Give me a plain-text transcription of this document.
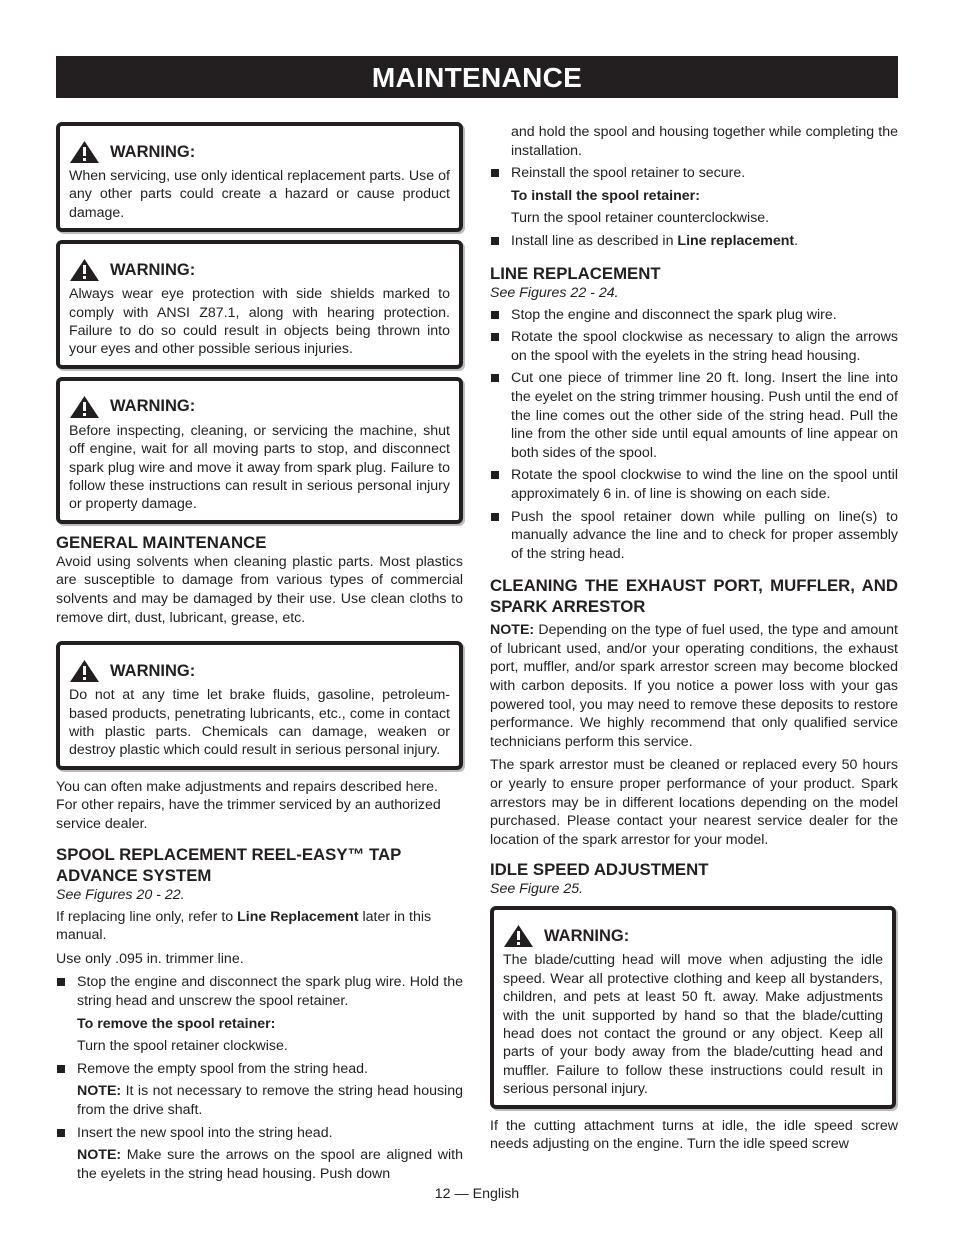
MAINTENANCE
WARNING:

When servicing, use only identical replacement parts. Use of any other parts could create a hazard or cause product damage.

WARNING:

Always wear eye protection with side shields marked to comply with ANSI Z87.1, along with hearing protection. Failure to do so could result in objects being thrown into your eyes and other possible serious injuries.

WARNING:

Before inspecting, cleaning, or servicing the machine, shut off engine, wait for all moving parts to stop, and disconnect spark plug wire and move it away from spark plug. Failure to follow these instructions can result in serious personal injury or property damage.

GENERAL MAINTENANCE

Avoid using solvents when cleaning plastic parts. Most plastics are susceptible to damage from various types of commercial solvents and may be damaged by their use. Use clean cloths to remove dirt, dust, lubricant, grease, etc.

WARNING:

Do not at any time let brake fluids, gasoline, petroleum-based products, penetrating lubricants, etc., come in contact with plastic parts. Chemicals can damage, weaken or destroy plastic which could result in serious personal injury.

You can often make adjustments and repairs described here. For other repairs, have the trimmer serviced by an authorized service dealer.

SPOOL REPLACEMENT REEL-EASY™ TAP ADVANCE SYSTEM
See Figures 20 - 22.

If replacing line only, refer to Line Replacement later in this manual.

Use only .095 in. trimmer line.

Stop the engine and disconnect the spark plug wire. Hold the string head and unscrew the spool retainer.

To remove the spool retainer:

Turn the spool retainer clockwise.

Remove the empty spool from the string head.

NOTE: It is not necessary to remove the string head housing from the drive shaft.

Insert the new spool into the string head.

NOTE: Make sure the arrows on the spool are aligned with the eyelets in the string head housing. Push down

and hold the spool and housing together while completing the installation.

Reinstall the spool retainer to secure.

To install the spool retainer:

Turn the spool retainer counterclockwise.

Install line as described in Line replacement.
LINE REPLACEMENT
See Figures 22 - 24.
Stop the engine and disconnect the spark plug wire.
Rotate the spool clockwise as necessary to align the arrows on the spool with the eyelets in the string head housing.
Cut one piece of trimmer line 20 ft. long. Insert the line into the eyelet on the string trimmer housing. Push until the end of the line comes out the other side of the string head. Pull the line from the other side until equal amounts of line appear on both sides of the spool.
Rotate the spool clockwise to wind the line on the spool until approximately 6 in. of line is showing on each side.
Push the spool retainer down while pulling on line(s) to manually advance the line and to check for proper assembly of the string head.
CLEANING THE EXHAUST PORT, MUFFLER, AND SPARK ARRESTOR

NOTE: Depending on the type of fuel used, the type and amount of lubricant used, and/or your operating conditions, the exhaust port, muffler, and/or spark arrestor screen may become blocked with carbon deposits. If you notice a power loss with your gas powered tool, you may need to remove these deposits to restore performance. We highly recommend that only qualified service technicians perform this service.

The spark arrestor must be cleaned or replaced every 50 hours or yearly to ensure proper performance of your product. Spark arrestors may be in different locations depending on the model purchased. Please contact your nearest service dealer for the location of the spark arrestor for your model.

IDLE SPEED ADJUSTMENT
See Figure 25.
WARNING:

The blade/cutting head will move when adjusting the idle speed. Wear all protective clothing and keep all bystanders, children, and pets at least 50 ft. away. Make adjustments with the unit supported by hand so that the blade/cutting head does not contact the ground or any object. Keep all parts of your body away from the blade/cutting head and muffler. Failure to follow these instructions could result in serious personal injury.

If the cutting attachment turns at idle, the idle speed screw needs adjusting on the engine. Turn the idle speed screw

12 — English
